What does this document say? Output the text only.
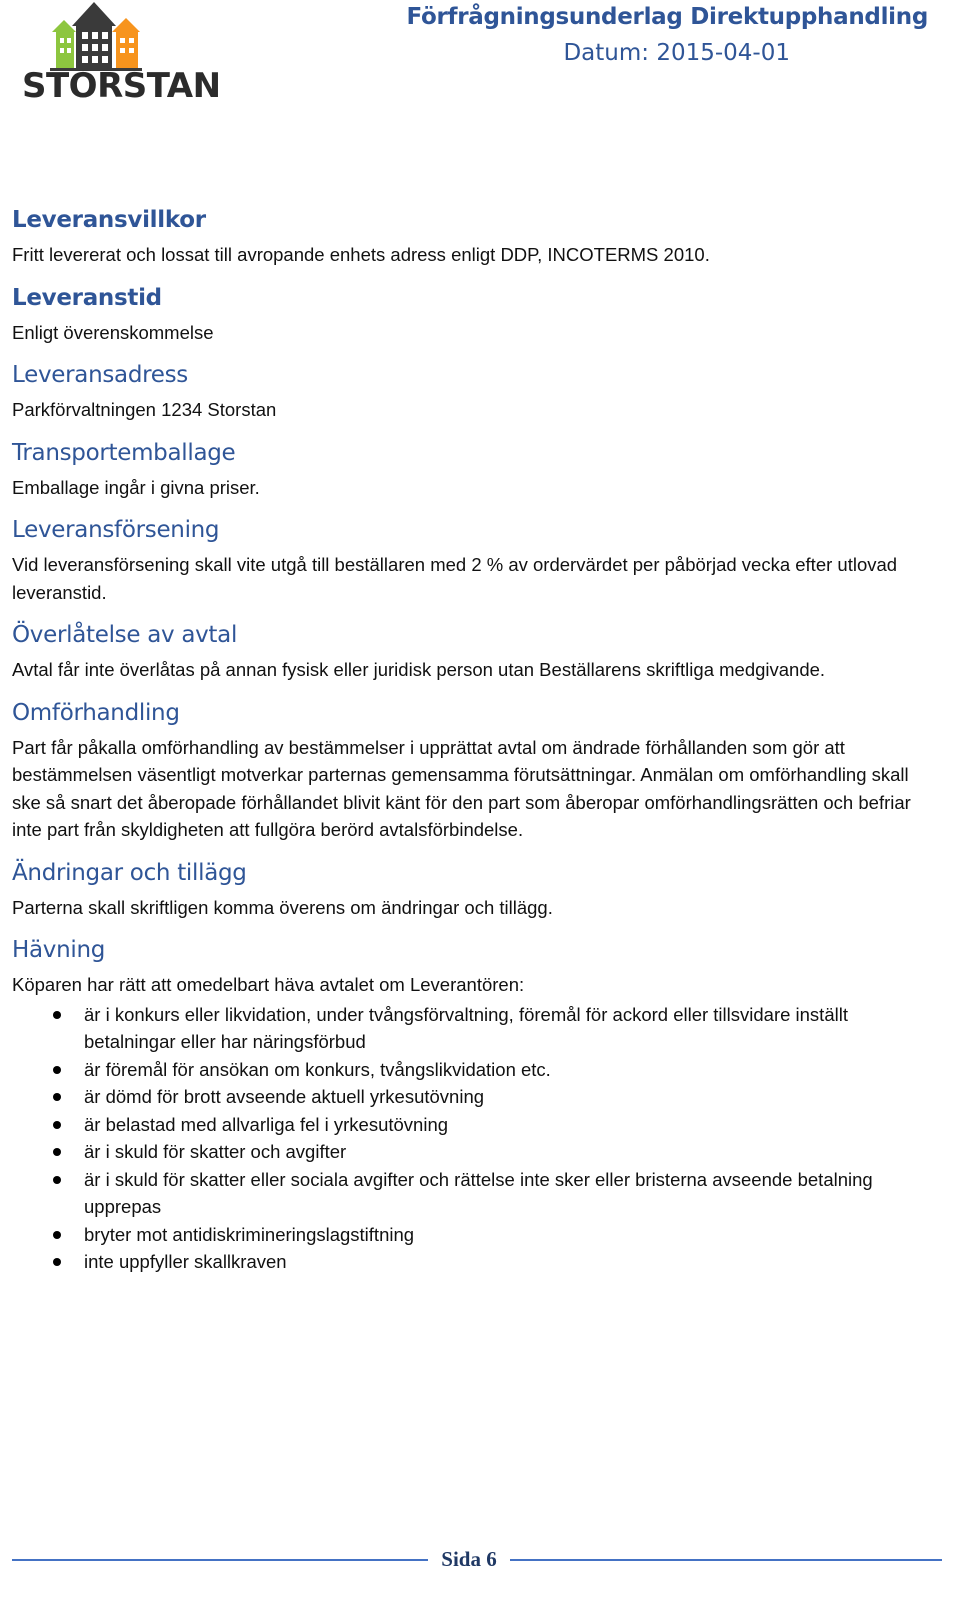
STORSTAN
Förfrågningsunderlag Direktupphandling
Datum: 2015-04-01
Leveransvillkor

Fritt levererat och lossat till avropande enhets adress enligt DDP, INCOTERMS 2010.

Leveranstid

Enligt överenskommelse

Leveransadress

Parkförvaltningen 1234 Storstan

Transportemballage

Emballage ingår i givna priser.

Leveransförsening

Vid leveransförsening skall vite utgå till beställaren med 2 % av ordervärdet per påbörjad vecka efter utlovad leveranstid.

Överlåtelse av avtal

Avtal får inte överlåtas på annan fysisk eller juridisk person utan Beställarens skriftliga medgivande.

Omförhandling

Part får påkalla omförhandling av bestämmelser i upprättat avtal om ändrade förhållanden som gör att bestämmelsen väsentligt motverkar parternas gemensamma förutsättningar. Anmälan om omförhandling skall ske så snart det åberopade förhållandet blivit känt för den part som åberopar omförhandlingsrätten och befriar inte part från skyldigheten att fullgöra berörd avtalsförbindelse.

Ändringar och tillägg

Parterna skall skriftligen komma överens om ändringar och tillägg.

Hävning

Köparen har rätt att omedelbart häva avtalet om Leverantören:

är i konkurs eller likvidation, under tvångsförvaltning, föremål för ackord eller tillsvidare inställt betalningar eller har näringsförbud
är föremål för ansökan om konkurs, tvångslikvidation etc.
är dömd för brott avseende aktuell yrkesutövning
är belastad med allvarliga fel i yrkesutövning
är i skuld för skatter och avgifter
är i skuld för skatter eller sociala avgifter och rättelse inte sker eller bristerna avseende betalning upprepas
bryter mot antidiskrimineringslagstiftning
inte uppfyller skallkraven
Sida 6
